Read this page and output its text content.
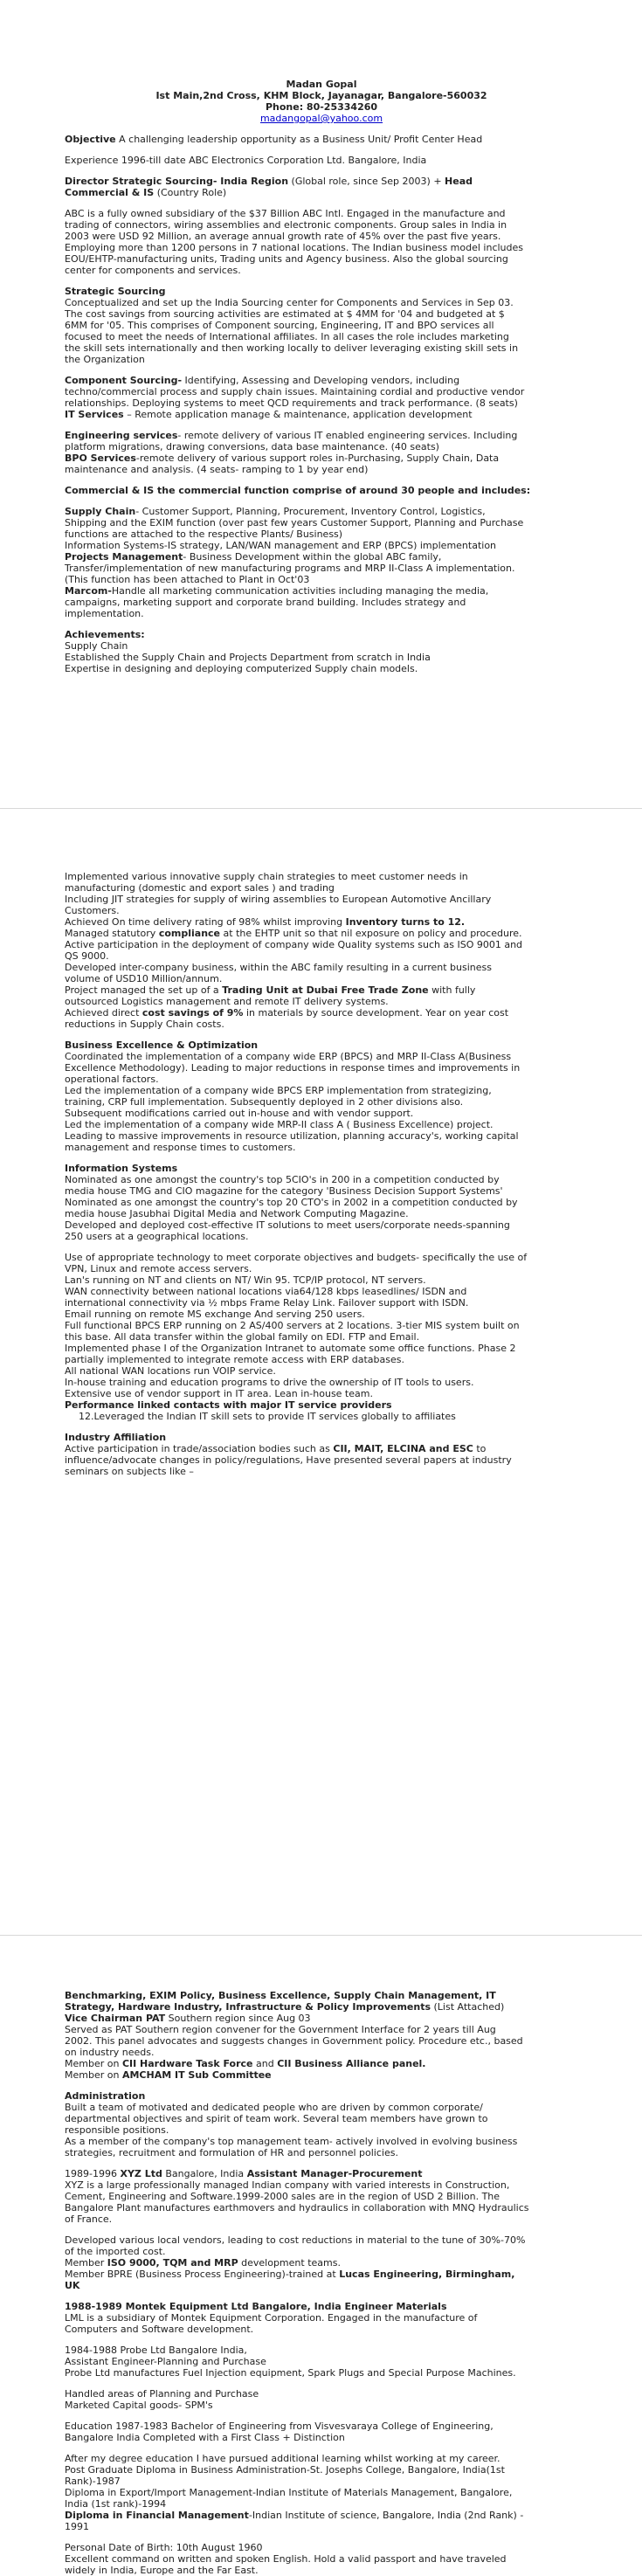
Madan Gopal
Ist Main,2nd Cross, KHM Block, Jayanagar, Bangalore-560032
Phone: 80-25334260
madangopal@yahoo.com
Objective A challenging leadership opportunity as a Business Unit/ Profit Center Head
Experience 1996-till date ABC Electronics Corporation Ltd. Bangalore, India
Director Strategic Sourcing- India Region (Global role, since Sep 2003) + Head
Commercial & IS (Country Role)
ABC is a fully owned subsidiary of the $37 Billion ABC Intl. Engaged in the manufacture and
trading of connectors, wiring assemblies and electronic components. Group sales in India in
2003 were USD 92 Million, an average annual growth rate of 45% over the past five years.
Employing more than 1200 persons in 7 national locations. The Indian business model includes
EOU/EHTP-manufacturing units, Trading units and Agency business. Also the global sourcing
center for components and services.
Strategic Sourcing
Conceptualized and set up the India Sourcing center for Components and Services in Sep 03.
The cost savings from sourcing activities are estimated at $ 4MM for '04 and budgeted at $
6MM for '05. This comprises of Component sourcing, Engineering, IT and BPO services all
focused to meet the needs of International affiliates. In all cases the role includes marketing
the skill sets internationally and then working locally to deliver leveraging existing skill sets in
the Organization
Component Sourcing- Identifying, Assessing and Developing vendors, including
techno/commercial process and supply chain issues. Maintaining cordial and productive vendor
relationships. Deploying systems to meet QCD requirements and track performance. (8 seats)
IT Services – Remote application manage & maintenance, application development
Engineering services- remote delivery of various IT enabled engineering services. Including
platform migrations, drawing conversions, data base maintenance. (40 seats)
BPO Services-remote delivery of various support roles in-Purchasing, Supply Chain, Data
maintenance and analysis. (4 seats- ramping to 1 by year end)
Commercial & IS the commercial function comprise of around 30 people and includes:
Supply Chain- Customer Support, Planning, Procurement, Inventory Control, Logistics,
Shipping and the EXIM function (over past few years Customer Support, Planning and Purchase
functions are attached to the respective Plants/ Business)
Information Systems-IS strategy, LAN/WAN management and ERP (BPCS) implementation
Projects Management- Business Development within the global ABC family,
Transfer/implementation of new manufacturing programs and MRP II-Class A implementation.
(This function has been attached to Plant in Oct'03
Marcom-Handle all marketing communication activities including managing the media,
campaigns, marketing support and corporate brand building. Includes strategy and
implementation.
Achievements:
Supply Chain
Established the Supply Chain and Projects Department from scratch in India
Expertise in designing and deploying computerized Supply chain models.
Implemented various innovative supply chain strategies to meet customer needs in
manufacturing (domestic and export sales ) and trading
Including JIT strategies for supply of wiring assemblies to European Automotive Ancillary
Customers.
Achieved On time delivery rating of 98% whilst improving Inventory turns to 12.
Managed statutory compliance at the EHTP unit so that nil exposure on policy and procedure.
Active participation in the deployment of company wide Quality systems such as ISO 9001 and
QS 9000.
Developed inter-company business, within the ABC family resulting in a current business
volume of USD10 Million/annum.
Project managed the set up of a Trading Unit at Dubai Free Trade Zone with fully
outsourced Logistics management and remote IT delivery systems.
Achieved direct cost savings of 9% in materials by source development. Year on year cost
reductions in Supply Chain costs.
Business Excellence & Optimization
Coordinated the implementation of a company wide ERP (BPCS) and MRP II-Class A(Business
Excellence Methodology). Leading to major reductions in response times and improvements in
operational factors.
Led the implementation of a company wide BPCS ERP implementation from strategizing,
training, CRP full implementation. Subsequently deployed in 2 other divisions also.
Subsequent modifications carried out in-house and with vendor support.
Led the implementation of a company wide MRP-II class A ( Business Excellence) project.
Leading to massive improvements in resource utilization, planning accuracy's, working capital
management and response times to customers.
Information Systems
Nominated as one amongst the country's top 5CIO's in 200 in a competition conducted by
media house TMG and CIO magazine for the category 'Business Decision Support Systems'
Nominated as one amongst the country's top 20 CTO's in 2002 in a competition conducted by
media house Jasubhai Digital Media and Network Computing Magazine.
Developed and deployed cost-effective IT solutions to meet users/corporate needs-spanning
250 users at a geographical locations.
Use of appropriate technology to meet corporate objectives and budgets- specifically the use of
VPN, Linux and remote access servers.
Lan's running on NT and clients on NT/ Win 95. TCP/IP protocol, NT servers.
WAN connectivity between national locations via64/128 kbps leasedlines/ ISDN and
international connectivity via ½ mbps Frame Relay Link. Failover support with ISDN.
Email running on remote MS exchange And serving 250 users.
Full functional BPCS ERP running on 2 AS/400 servers at 2 locations. 3-tier MIS system built on
this base. All data transfer within the global family on EDI. FTP and Email.
Implemented phase I of the Organization Intranet to automate some office functions. Phase 2
partially implemented to integrate remote access with ERP databases.
All national WAN locations run VOIP service.
In-house training and education programs to drive the ownership of IT tools to users.
Extensive use of vendor support in IT area. Lean in-house team.
Performance linked contacts with major IT service providers
12.Leveraged the Indian IT skill sets to provide IT services globally to affiliates
Industry Affiliation
Active participation in trade/association bodies such as CII, MAIT, ELCINA and ESC to
influence/advocate changes in policy/regulations, Have presented several papers at industry
seminars on subjects like –
Benchmarking, EXIM Policy, Business Excellence, Supply Chain Management, IT
Strategy, Hardware Industry, Infrastructure & Policy Improvements (List Attached)
Vice Chairman PAT Southern region since Aug 03
Served as PAT Southern region convener for the Government Interface for 2 years till Aug
2002. This panel advocates and suggests changes in Government policy. Procedure etc., based
on industry needs.
Member on CII Hardware Task Force and CII Business Alliance panel.
Member on AMCHAM IT Sub Committee
Administration
Built a team of motivated and dedicated people who are driven by common corporate/
departmental objectives and spirit of team work. Several team members have grown to
responsible positions.
As a member of the company's top management team- actively involved in evolving business
strategies, recruitment and formulation of HR and personnel policies.
1989-1996 XYZ Ltd Bangalore, India Assistant Manager-Procurement
XYZ is a large professionally managed Indian company with varied interests in Construction,
Cement, Engineering and Software.1999-2000 sales are in the region of USD 2 Billion. The
Bangalore Plant manufactures earthmovers and hydraulics in collaboration with MNQ Hydraulics
of France.
Developed various local vendors, leading to cost reductions in material to the tune of 30%-70%
of the imported cost.
Member ISO 9000, TQM and MRP development teams.
Member BPRE (Business Process Engineering)-trained at Lucas Engineering, Birmingham,
UK
1988-1989 Montek Equipment Ltd Bangalore, India Engineer Materials
LML is a subsidiary of Montek Equipment Corporation. Engaged in the manufacture of
Computers and Software development.
1984-1988 Probe Ltd Bangalore India,
Assistant Engineer-Planning and Purchase
Probe Ltd manufactures Fuel Injection equipment, Spark Plugs and Special Purpose Machines.
Handled areas of Planning and Purchase
Marketed Capital goods- SPM's
Education 1987-1983 Bachelor of Engineering from Visvesvaraya College of Engineering,
Bangalore India Completed with a First Class + Distinction
After my degree education I have pursued additional learning whilst working at my career.
Post Graduate Diploma in Business Administration-St. Josephs College, Bangalore, India(1st
Rank)-1987
Diploma in Export/Import Management-Indian Institute of Materials Management, Bangalore,
India (1st rank)-1994
Diploma in Financial Management-Indian Institute of science, Bangalore, India (2nd Rank) -
1991
Personal Date of Birth: 10th August 1960
Excellent command on written and spoken English. Hold a valid passport and have traveled
widely in India, Europe and the Far East.
